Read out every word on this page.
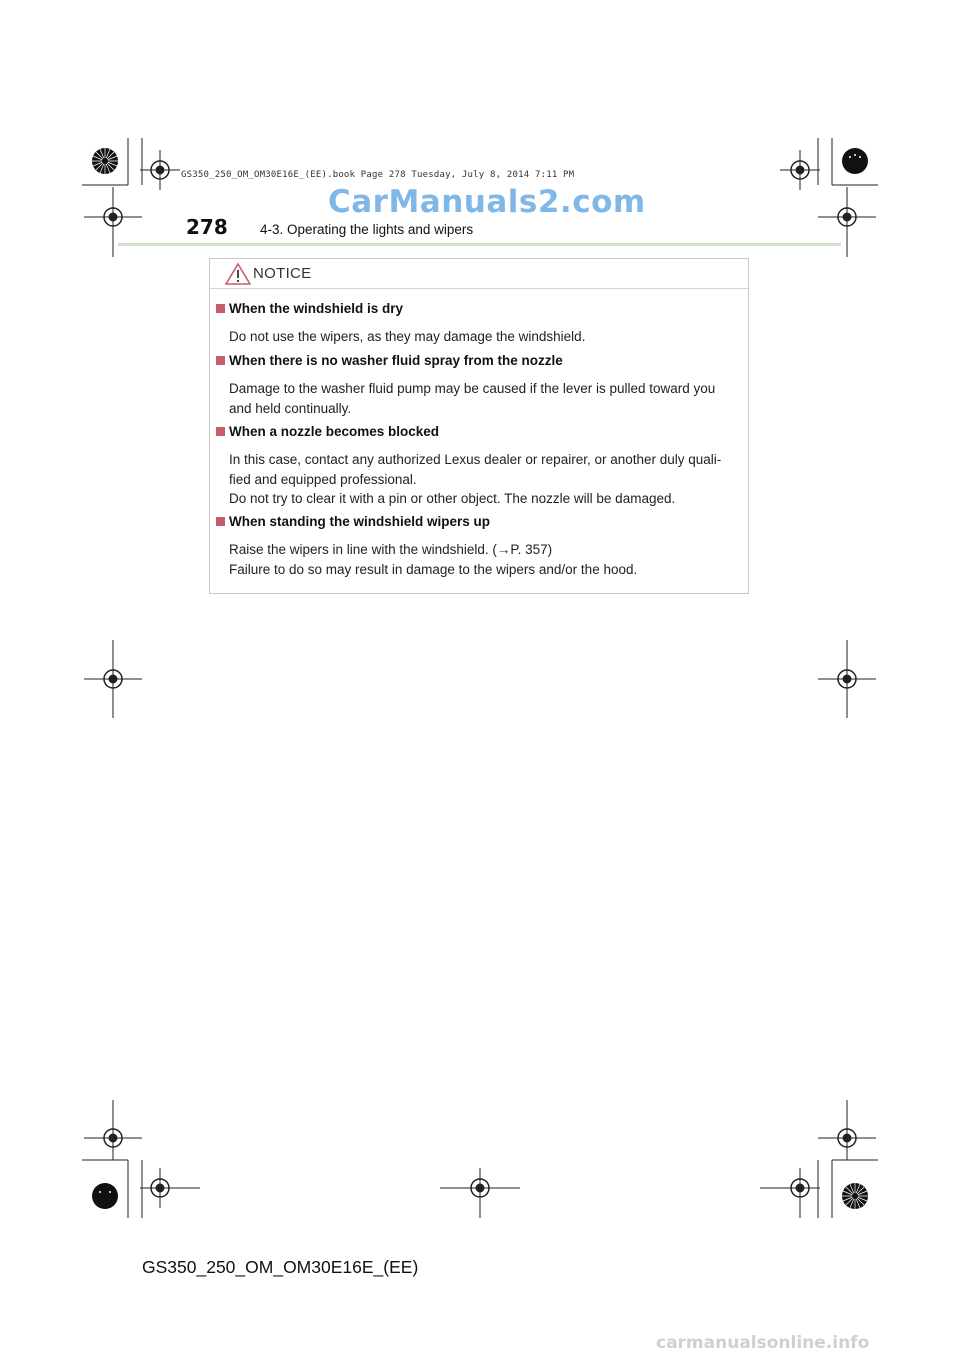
GS350_250_OM_OM30E16E_(EE).book Page 278 Tuesday, July 8, 2014 7:11 PM
CarManuals2.com
278 4-3. Operating the lights and wipers
NOTICE
When the windshield is dry
Do not use the wipers, as they may damage the windshield.
When there is no washer fluid spray from the nozzle
Damage to the washer fluid pump may be caused if the lever is pulled toward you
and held continually.
When a nozzle becomes blocked
In this case, contact any authorized Lexus dealer or repairer, or another duly quali-
fied and equipped professional.
Do not try to clear it with a pin or other object. The nozzle will be damaged.
When standing the windshield wipers up
Raise the wipers in line with the windshield. (→P. 357)
Failure to do so may result in damage to the wipers and/or the hood.
GS350_250_OM_OM30E16E_(EE)
carmanualsonline.info
